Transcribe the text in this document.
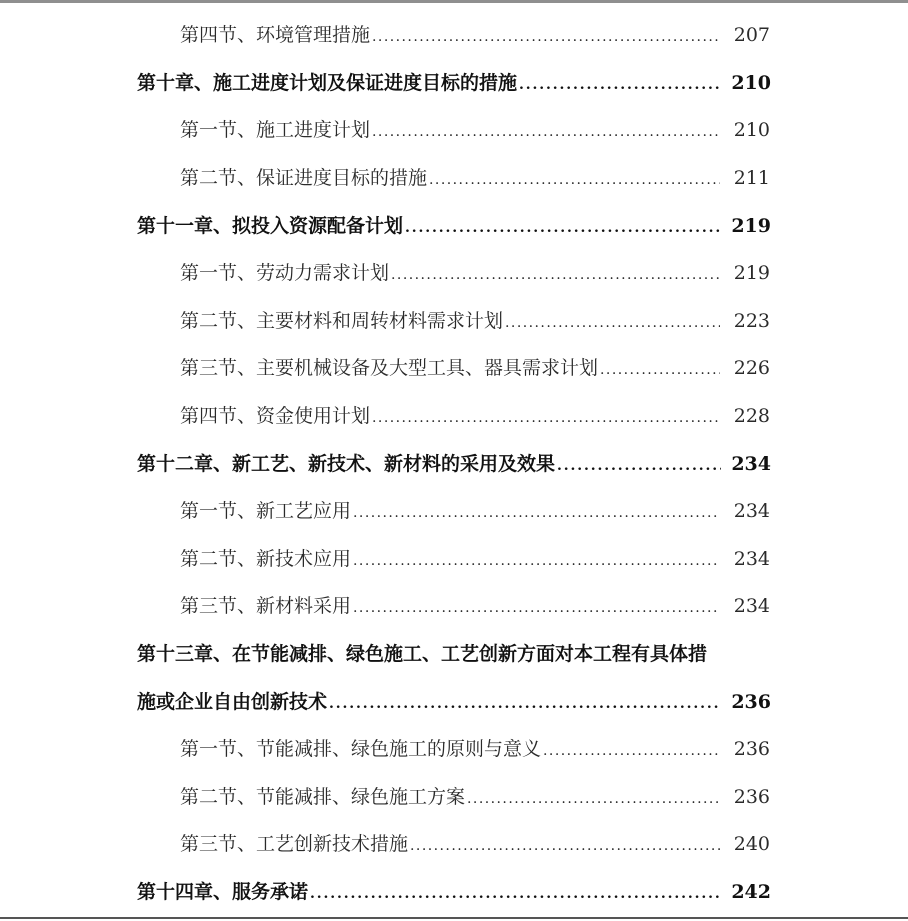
第四节、环境管理措施 . . .	207
第十章、施工进度计划及保证进度目标的措施 . . .	210
第一节、施工进度计划 . . .	210
第二节、保证进度目标的措施 . . .	211
第十一章、拟投入资源配备计划 . . .	219
第一节、劳动力需求计划 . . .	219
第二节、主要材料和周转材料需求计划 . . .	223
第三节、主要机械设备及大型工具、器具需求计划 . . .	226
第四节、资金使用计划 . . .	228
第十二章、新工艺、新技术、新材料的采用及效果 . . .	234
第一节、新工艺应用 . . .	234
第二节、新技术应用 . . .	234
第三节、新材料采用 . . .	234
第十三章、在节能减排、绿色施工、工艺创新方面对本工程有具体措
施或企业自由创新技术 . . .	236
第一节、节能减排、绿色施工的原则与意义 . . .	236
第二节、节能减排、绿色施工方案 . . .	236
第三节、工艺创新技术措施 . . .	240
第十四章、服务承诺 . . .	242
